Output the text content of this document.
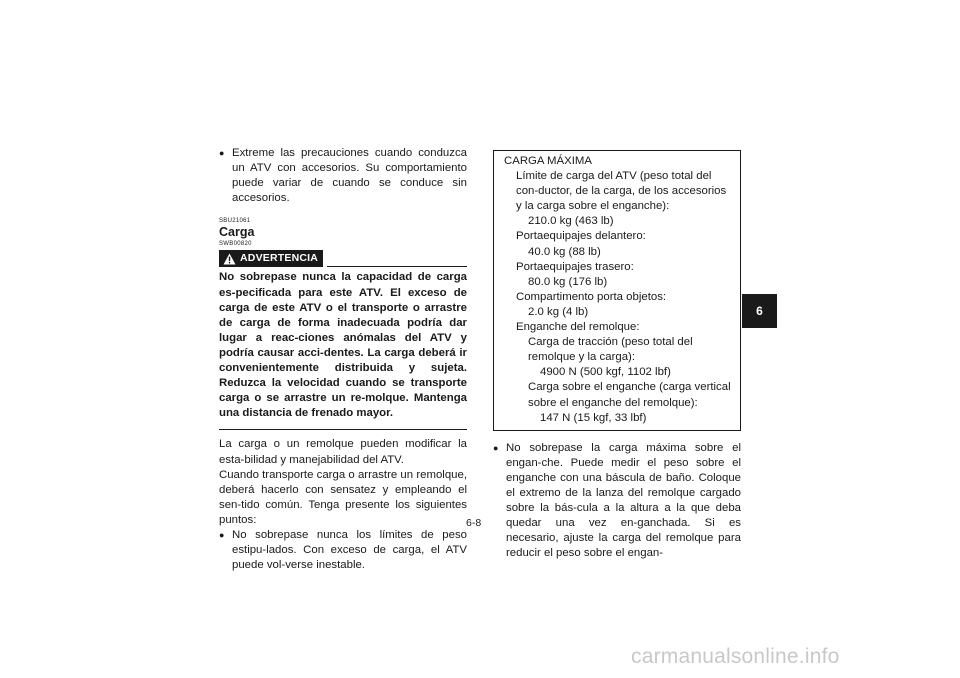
● Extreme las precauciones cuando conduzca un ATV con accesorios. Su comportamiento puede variar de cuando se conduce sin accesorios.
SBU21061
Carga
SWB00820
ADVERTENCIA
No sobrepase nunca la capacidad de carga es-pecificada para este ATV. El exceso de carga de este ATV o el transporte o arrastre de carga de forma inadecuada podría dar lugar a reac-ciones anómalas del ATV y podría causar acci-dentes. La carga deberá ir convenientemente distribuida y sujeta. Reduzca la velocidad cuando se transporte carga o se arrastre un re-molque. Mantenga una distancia de frenado mayor.
La carga o un remolque pueden modificar la esta-bilidad y manejabilidad del ATV.
Cuando transporte carga o arrastre un remolque, deberá hacerlo con sensatez y empleando el sen-tido común. Tenga presente los siguientes puntos:
● No sobrepase nunca los límites de peso estipu-lados. Con exceso de carga, el ATV puede vol-verse inestable.
CARGA MÁXIMA
Límite de carga del ATV (peso total del con-ductor, de la carga, de los accesorios y la carga sobre el enganche):
210.0 kg (463 lb)
Portaequipajes delantero:
40.0 kg (88 lb)
Portaequipajes trasero:
80.0 kg (176 lb)
Compartimento porta objetos:
2.0 kg (4 lb)
Enganche del remolque:
Carga de tracción (peso total del remolque y la carga):
4900 N (500 kgf, 1102 lbf)
Carga sobre el enganche (carga vertical sobre el enganche del remolque):
147 N (15 kgf, 33 lbf)
● No sobrepase la carga máxima sobre el engan-che. Puede medir el peso sobre el enganche con una báscula de baño. Coloque el extremo de la lanza del remolque cargado sobre la bás-cula a la altura a la que deba quedar una vez en-ganchada. Si es necesario, ajuste la carga del remolque para reducir el peso sobre el engan-
6
6-8
carmanualsonline.info
